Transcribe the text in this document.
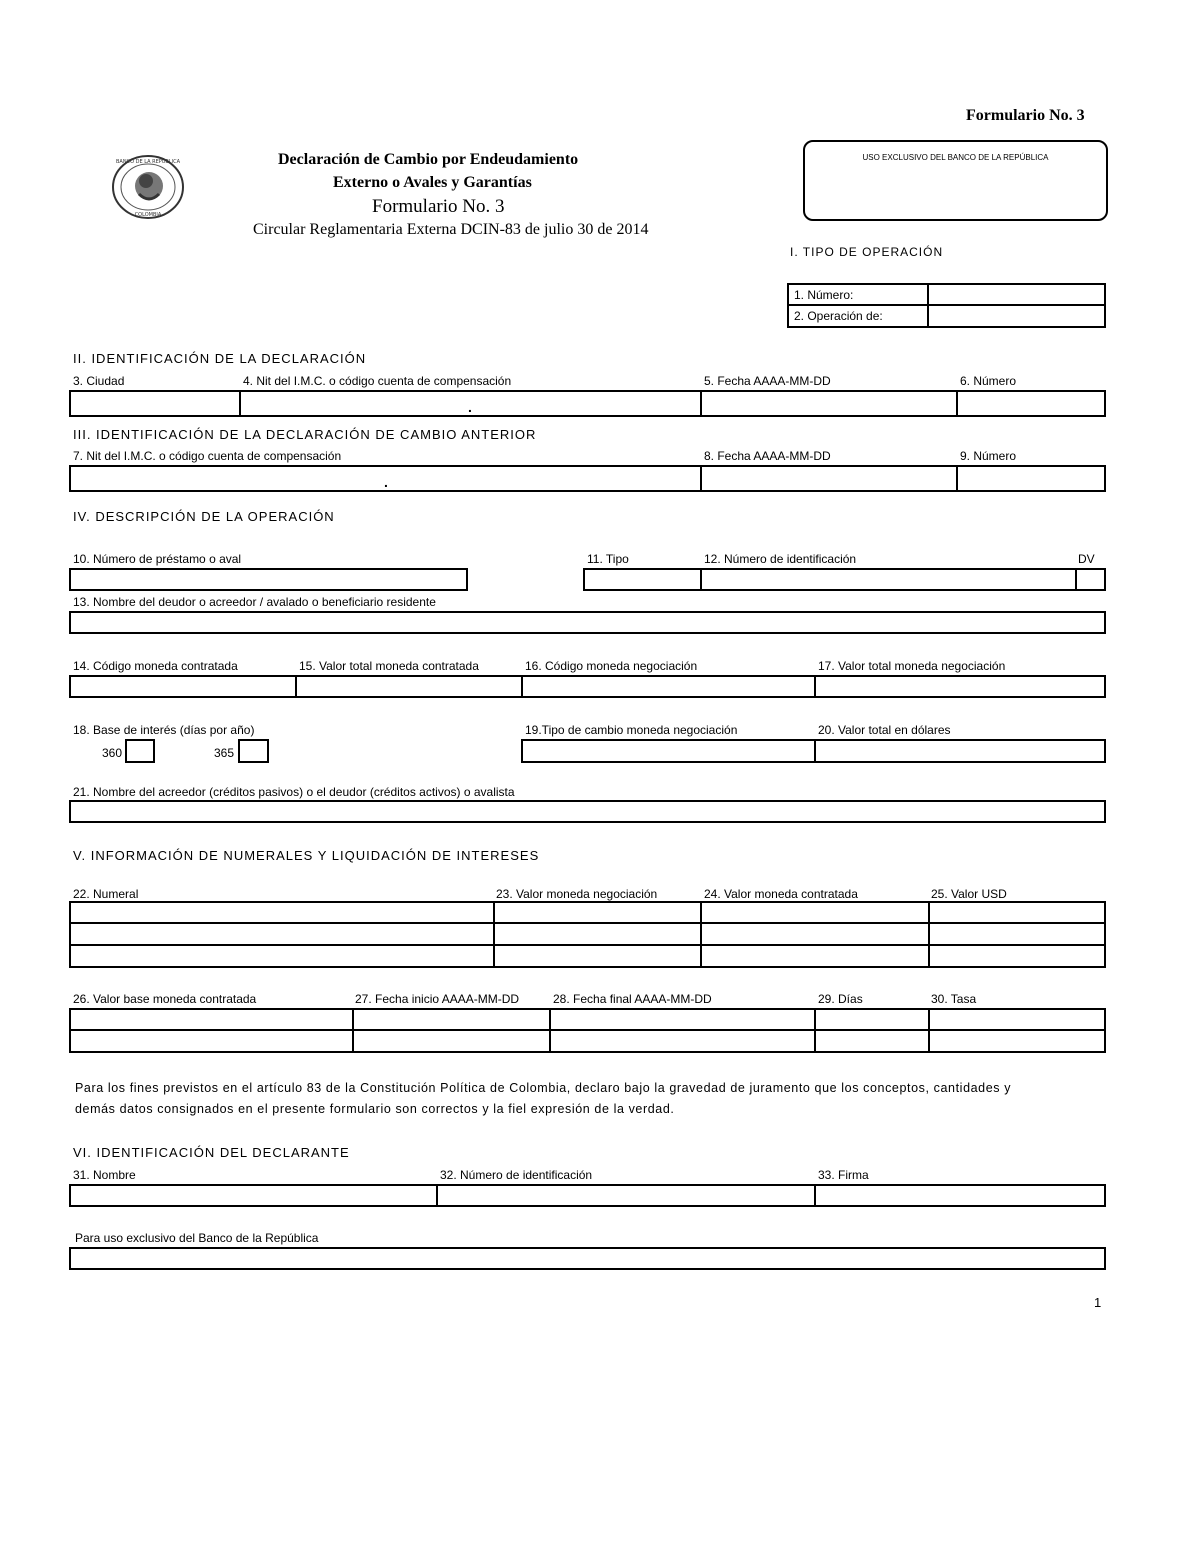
Formulario No. 3
BANCO DE LA REPÚBLICA
COLOMBIA
Declaración de Cambio por Endeudamiento
Externo o Avales y Garantías
Formulario No. 3
Circular Reglamentaria Externa DCIN-83 de julio 30 de 2014
USO EXCLUSIVO DEL BANCO DE LA REPÚBLICA
I. TIPO DE OPERACIÓN
1. Número:
2. Operación de:
II. IDENTIFICACIÓN DE LA DECLARACIÓN
3. Ciudad	4. Nit del I.M.C. o código cuenta de compensación	5. Fecha AAAA-MM-DD	6. Número
.
III. IDENTIFICACIÓN DE LA DECLARACIÓN DE CAMBIO ANTERIOR
7. Nit del I.M.C. o código cuenta de compensación	8. Fecha AAAA-MM-DD	9. Número
.
IV. DESCRIPCIÓN DE LA OPERACIÓN
10. Número de préstamo o aval	11. Tipo	12. Número de identificación	DV
13. Nombre del deudor o acreedor / avalado o beneficiario residente
14. Código moneda contratada	15. Valor total moneda contratada	16. Código moneda negociación	17. Valor total moneda negociación
18. Base de interés (días por año)
360	365
19.Tipo de cambio moneda negociación	20. Valor total en dólares
21. Nombre del acreedor (créditos pasivos) o el deudor (créditos activos) o avalista
V. INFORMACIÓN DE NUMERALES Y LIQUIDACIÓN DE INTERESES
22. Numeral	23. Valor moneda negociación	24. Valor moneda contratada	25. Valor USD
26. Valor base moneda contratada	27. Fecha inicio AAAA-MM-DD	28. Fecha final AAAA-MM-DD	29. Días	30. Tasa
Para los fines previstos en el artículo 83 de la Constitución Política de Colombia, declaro bajo la gravedad de juramento que los conceptos, cantidades y
demás datos consignados en el presente formulario son correctos y la fiel expresión de la verdad.
VI. IDENTIFICACIÓN DEL DECLARANTE
31. Nombre	32. Número de identificación	33. Firma
Para uso exclusivo del Banco de la República
1
